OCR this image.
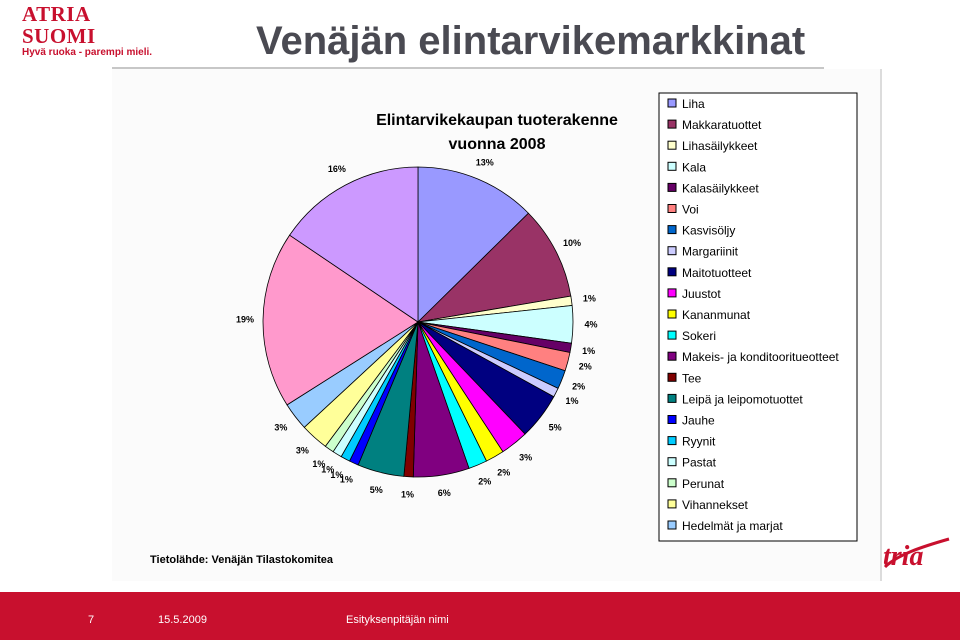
ATRIA SUOMI
Hyvä ruoka - parempi mieli.	Venäjän elintarvikemarkkinat
Elintarvikekaupan tuoterakenne
vuonna 2008
13%
10%
1%
4%
1%
2%
2%
1%
5%
3%
2%
2%
6%
1%
5%
1%
1%
1%
1%
3%
3%
19%
16%
Liha
Makkaratuottet
Lihasäilykkeet
Kala
Kalasäilykkeet
Voi
Kasvisöljy
Margariinit
Maitotuotteet
Juustot
Kananmunat
Sokeri
Makeis- ja konditooritueotteet
Tee
Leipä ja leipomotuottet
Jauhe
Ryynit
Pastat
Perunat
Vihannekset
Hedelmät ja marjat
Tietolähde: Venäjän Tilastokomitea	tria
7	15.5.2009	Esityksenpitäjän nimi
